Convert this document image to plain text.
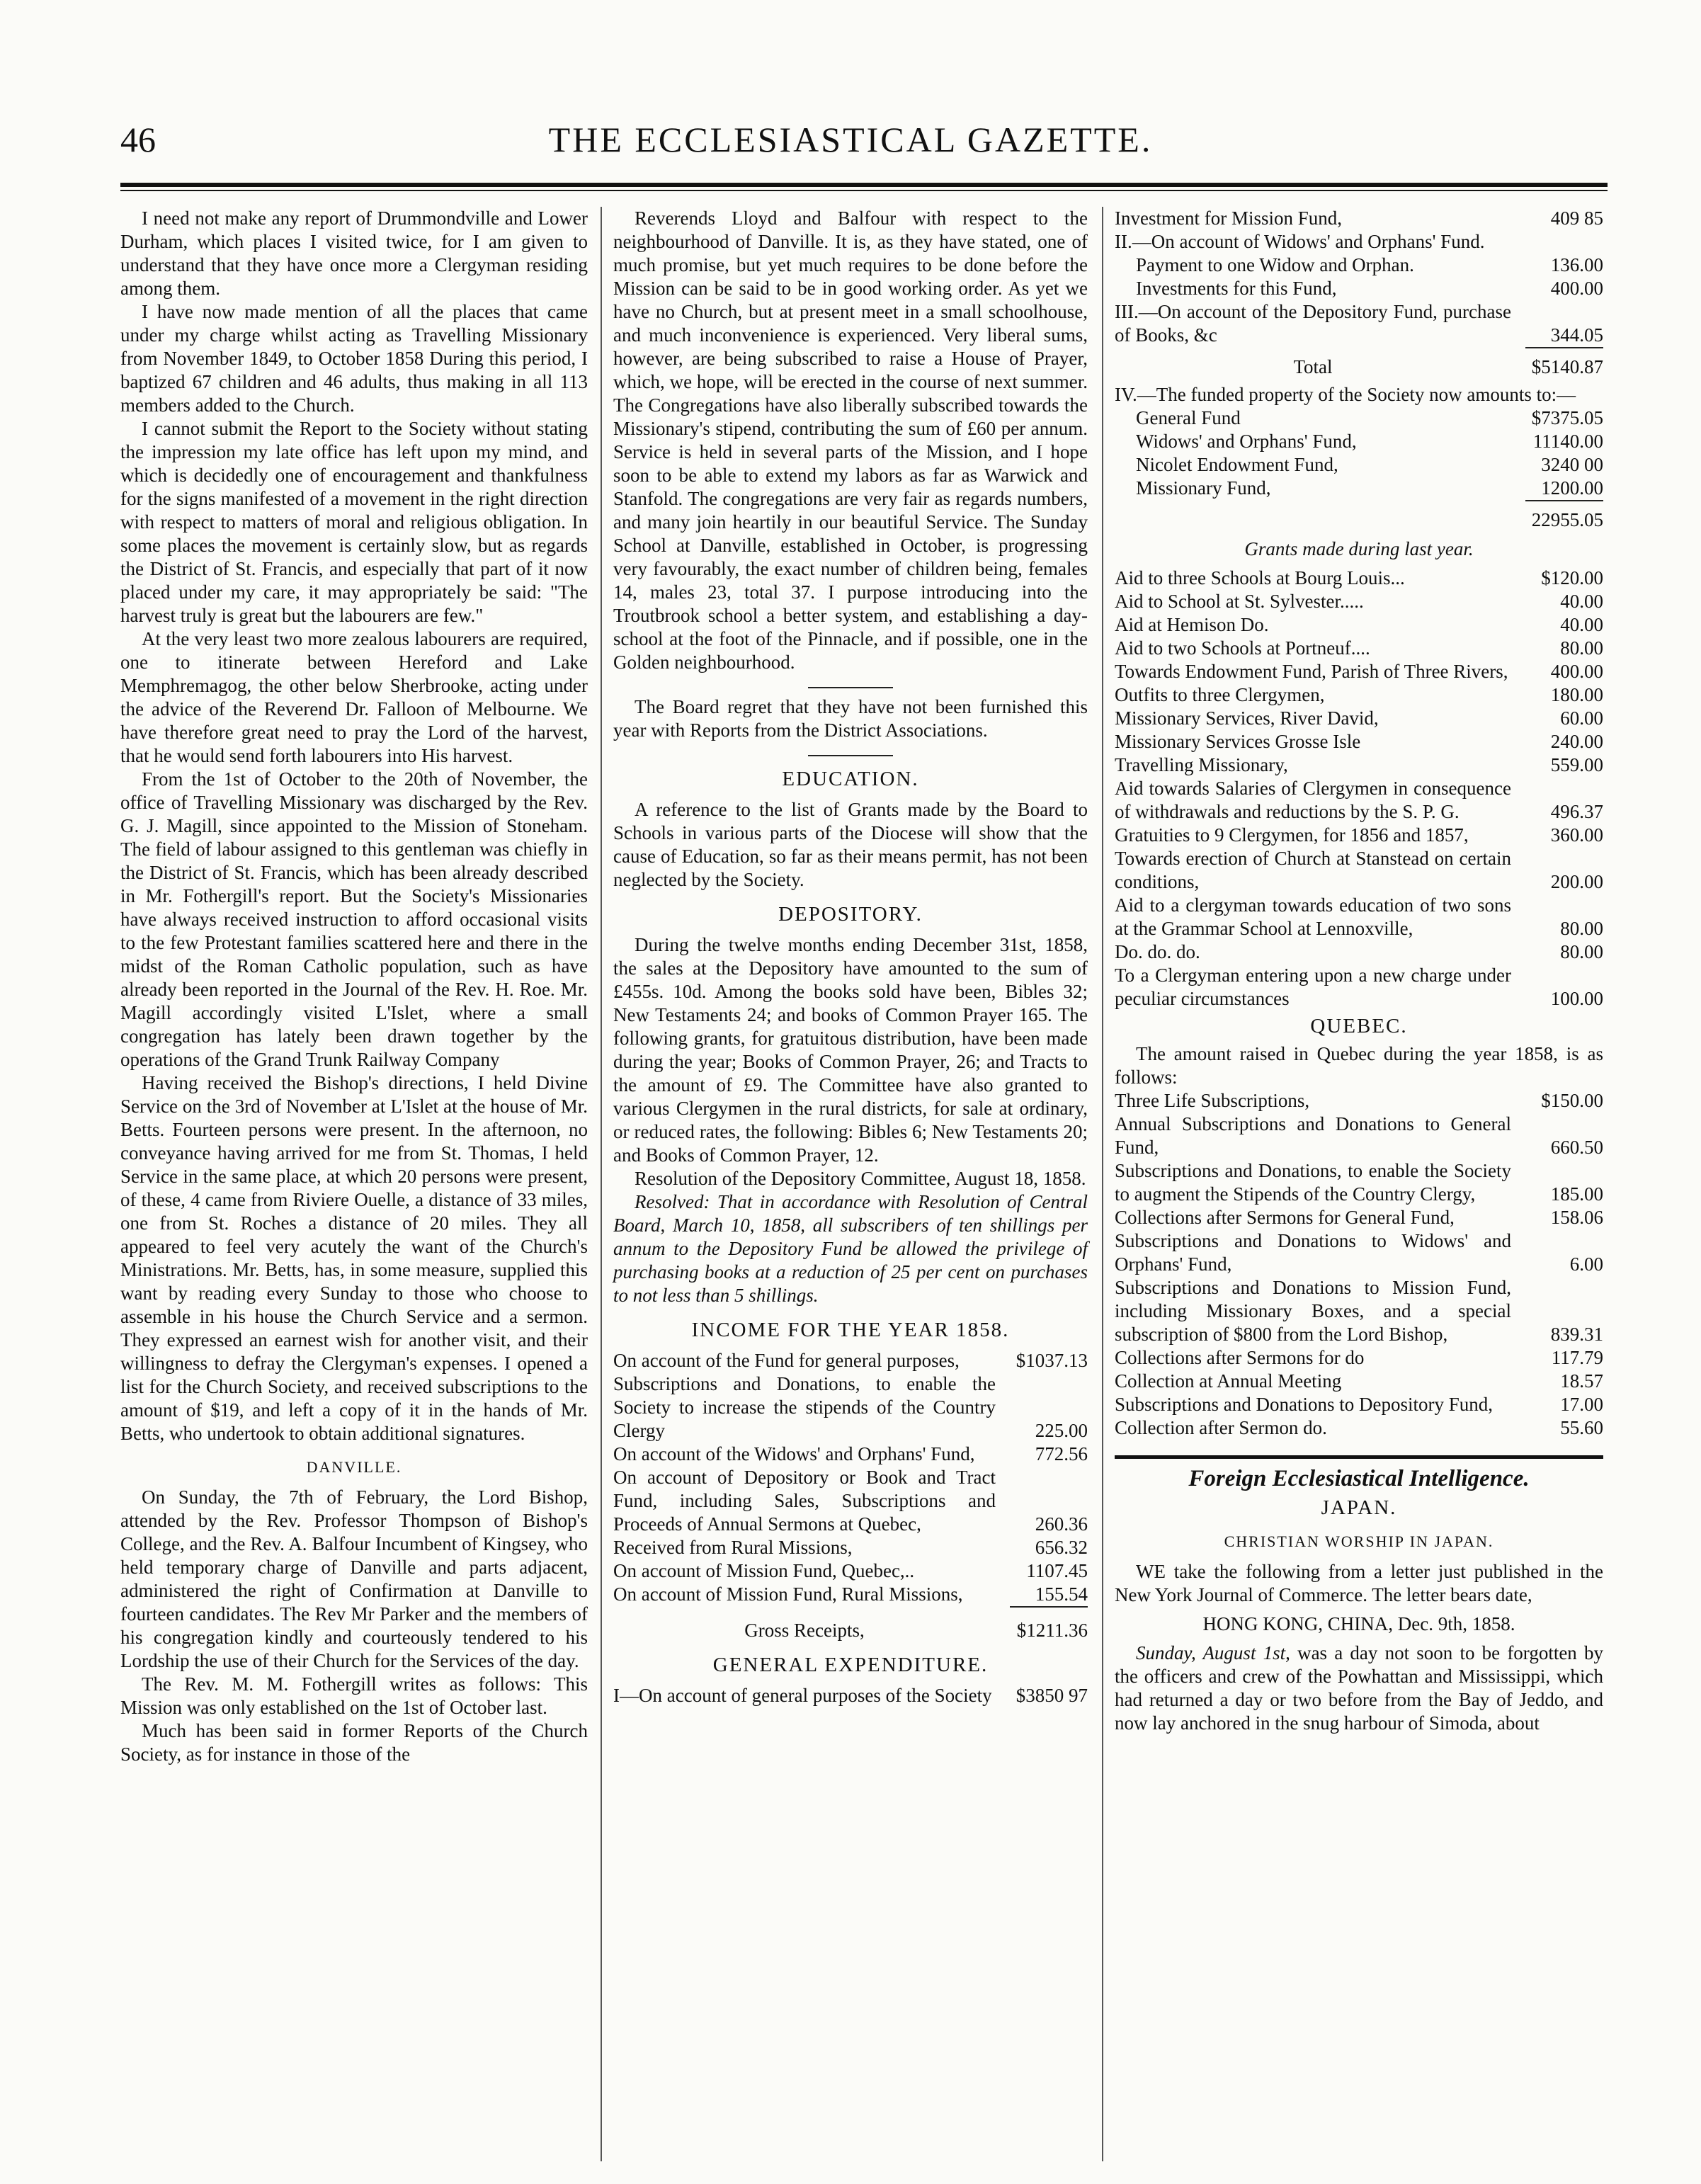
46	THE ECCLESIASTICAL GAZETTE.

I need not make any report of Drummondville and Lower Durham, which places I visited twice, for I am given to understand that they have once more a Clergyman residing among them.

I have now made mention of all the places that came under my charge whilst acting as Travelling Missionary from November 1849, to October 1858 During this period, I baptized 67 children and 46 adults, thus making in all 113 members added to the Church.

I cannot submit the Report to the Society without stating the impression my late office has left upon my mind, and which is decidedly one of encouragement and thankfulness for the signs manifested of a movement in the right direction with respect to matters of moral and religious obligation. In some places the movement is certainly slow, but as regards the District of St. Francis, and especially that part of it now placed under my care, it may appropriately be said: "The harvest truly is great but the labourers are few."

At the very least two more zealous labourers are required, one to itinerate between Hereford and Lake Memphremagog, the other below Sherbrooke, acting under the advice of the Reverend Dr. Falloon of Melbourne. We have therefore great need to pray the Lord of the harvest, that he would send forth labourers into His harvest.

From the 1st of October to the 20th of November, the office of Travelling Missionary was discharged by the Rev. G. J. Magill, since appointed to the Mission of Stoneham. The field of labour assigned to this gentleman was chiefly in the District of St. Francis, which has been already described in Mr. Fothergill's report. But the Society's Missionaries have always received instruction to afford occasional visits to the few Protestant families scattered here and there in the midst of the Roman Catholic population, such as have already been reported in the Journal of the Rev. H. Roe. Mr. Magill accordingly visited L'Islet, where a small congregation has lately been drawn together by the operations of the Grand Trunk Railway Company

Having received the Bishop's directions, I held Divine Service on the 3rd of November at L'Islet at the house of Mr. Betts. Fourteen persons were present. In the afternoon, no conveyance having arrived for me from St. Thomas, I held Service in the same place, at which 20 persons were present, of these, 4 came from Riviere Ouelle, a distance of 33 miles, one from St. Roches a distance of 20 miles. They all appeared to feel very acutely the want of the Church's Ministrations. Mr. Betts, has, in some measure, supplied this want by reading every Sunday to those who choose to assemble in his house the Church Service and a sermon. They expressed an earnest wish for another visit, and their willingness to defray the Clergyman's expenses. I opened a list for the Church Society, and received subscriptions to the amount of $19, and left a copy of it in the hands of Mr. Betts, who undertook to obtain additional signatures.

DANVILLE.

On Sunday, the 7th of February, the Lord Bishop, attended by the Rev. Professor Thompson of Bishop's College, and the Rev. A. Balfour Incumbent of Kingsey, who held temporary charge of Danville and parts adjacent, administered the right of Confirmation at Danville to fourteen candidates. The Rev Mr Parker and the members of his congregation kindly and courteously tendered to his Lordship the use of their Church for the Services of the day.

The Rev. M. M. Fothergill writes as follows: This Mission was only established on the 1st of October last.

Much has been said in former Reports of the Church Society, as for instance in those of the

Reverends Lloyd and Balfour with respect to the neighbourhood of Danville. It is, as they have stated, one of much promise, but yet much requires to be done before the Mission can be said to be in good working order. As yet we have no Church, but at present meet in a small schoolhouse, and much inconvenience is experienced. Very liberal sums, however, are being subscribed to raise a House of Prayer, which, we hope, will be erected in the course of next summer. The Congregations have also liberally subscribed towards the Missionary's stipend, contributing the sum of £60 per annum. Service is held in several parts of the Mission, and I hope soon to be able to extend my labors as far as Warwick and Stanfold. The congregations are very fair as regards numbers, and many join heartily in our beautiful Service. The Sunday School at Danville, established in October, is progressing very favourably, the exact number of children being, females 14, males 23, total 37. I purpose introducing into the Troutbrook school a better system, and establishing a day-school at the foot of the Pinnacle, and if possible, one in the Golden neighbourhood.

The Board regret that they have not been furnished this year with Reports from the District Associations.

EDUCATION.

A reference to the list of Grants made by the Board to Schools in various parts of the Diocese will show that the cause of Education, so far as their means permit, has not been neglected by the Society.

DEPOSITORY.

During the twelve months ending December 31st, 1858, the sales at the Depository have amounted to the sum of £455s. 10d. Among the books sold have been, Bibles 32; New Testaments 24; and books of Common Prayer 165. The following grants, for gratuitous distribution, have been made during the year; Books of Common Prayer, 26; and Tracts to the amount of £9. The Committee have also granted to various Clergymen in the rural districts, for sale at ordinary, or reduced rates, the following: Bibles 6; New Testaments 20; and Books of Common Prayer, 12.

Resolution of the Depository Committee, August 18, 1858.

Resolved: That in accordance with Resolution of Central Board, March 10, 1858, all subscribers of ten shillings per annum to the Depository Fund be allowed the privilege of purchasing books at a reduction of 25 per cent on purchases to not less than 5 shillings.

INCOME FOR THE YEAR 1858.
On account of the Fund for general purposes,	$1037.13
Subscriptions and Donations, to enable the Society to increase the stipends of the Country Clergy	225.00
On account of the Widows' and Orphans' Fund,	772.56
On account of Depository or Book and Tract Fund, including Sales, Subscriptions and Proceeds of Annual Sermons at Quebec,	260.36
Received from Rural Missions,	656.32
On account of Mission Fund, Quebec,..	1107.45
On account of Mission Fund, Rural Missions,	155.54
Gross Receipts,	$1211.36
GENERAL EXPENDITURE.
I—On account of general purposes of the Society	$3850 97
Investment for Mission Fund,	409 85
II.—On account of Widows' and Orphans' Fund.
Payment to one Widow and Orphan.	136.00
Investments for this Fund,	400.00
III.—On account of the Depository Fund, purchase of Books, &c	344.05
Total	$5140.87

IV.—The funded property of the Society now amounts to:—

General Fund	$7375.05
Widows' and Orphans' Fund,	11140.00
Nicolet Endowment Fund,	3240 00
Missionary Fund,	1200.00
22955.05
Grants made during last year.
Aid to three Schools at Bourg Louis...	$120.00
Aid to School at St. Sylvester.....	40.00
Aid at Hemison Do.	40.00
Aid to two Schools at Portneuf....	80.00
Towards Endowment Fund, Parish of Three Rivers,	400.00
Outfits to three Clergymen,	180.00
Missionary Services, River David,	60.00
Missionary Services Grosse Isle	240.00
Travelling Missionary,	559.00
Aid towards Salaries of Clergymen in consequence of withdrawals and reductions by the S. P. G.	496.37
Gratuities to 9 Clergymen, for 1856 and 1857,	360.00
Towards erection of Church at Stanstead on certain conditions,	200.00
Aid to a clergyman towards education of two sons at the Grammar School at Lennoxville,	80.00
Do. do. do.	80.00
To a Clergyman entering upon a new charge under peculiar circumstances	100.00
QUEBEC.

The amount raised in Quebec during the year 1858, is as follows:

Three Life Subscriptions,	$150.00
Annual Subscriptions and Donations to General Fund,	660.50
Subscriptions and Donations, to enable the Society to augment the Stipends of the Country Clergy,	185.00
Collections after Sermons for General Fund,	158.06
Subscriptions and Donations to Widows' and Orphans' Fund,	6.00
Subscriptions and Donations to Mission Fund, including Missionary Boxes, and a special subscription of $800 from the Lord Bishop,	839.31
Collections after Sermons for do	117.79
Collection at Annual Meeting	18.57
Subscriptions and Donations to Depository Fund,	17.00
Collection after Sermon do.	55.60
Foreign Ecclesiastical Intelligence.
JAPAN.
CHRISTIAN WORSHIP IN JAPAN.

WE take the following from a letter just published in the New York Journal of Commerce. The letter bears date,

HONG KONG, CHINA, Dec. 9th, 1858.

Sunday, August 1st, was a day not soon to be forgotten by the officers and crew of the Powhattan and Mississippi, which had returned a day or two before from the Bay of Jeddo, and now lay anchored in the snug harbour of Simoda, about
